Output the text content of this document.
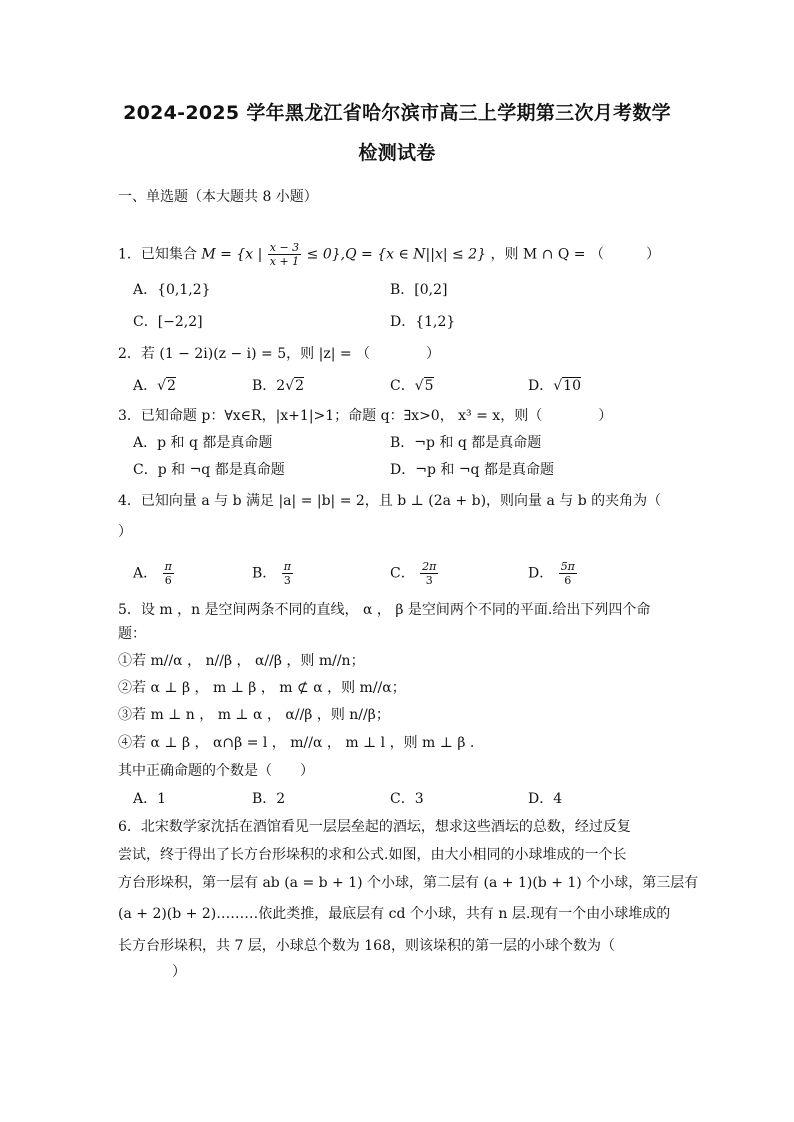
2024-2025 学年黑龙江省哈尔滨市高三上学期第三次月考数学
检测试卷
一、单选题（本大题共 8 小题）
1．已知集合 M = {x | $\frac{x - 3}{x + 1} \le 0\},Q = \{x$ ∈ N||x| ≤ 2} ，则 M ∩ Q = （　　　）
A．{0,1,2}	B．[0,2]
C．[−2,2]	D．{1,2}
2．若 (1 − 2i)(z − i) = 5，则 |z| = （　　　　）
A．√2	B．2√2	C．√5	D．√10
3．已知命题 p：∀x∈R，|x+1|>1；命题 q：∃x>0， x³ = x，则（　　　　）
A．p 和 q 都是真命题	B．¬p 和 q 都是真命题
C．p 和 ¬q 都是真命题	D．¬p 和 ¬q 都是真命题
4．已知向量 a 与 b 满足 |a| = |b| = 2，且 b ⊥ (2a + b)，则向量 a 与 b 的夹角为（
）
A． $\frac{\pi}{6}$	B． $\frac{\pi}{3}$	C． $\frac{2\pi}{3}$	D． $\frac{5\pi}{6}$
5．设 m ，n 是空间两条不同的直线， α ， β 是空间两个不同的平面.给出下列四个命
题：
①若 m//α ， n//β ， α//β ，则 m//n；
②若 α ⊥ β ， m ⊥ β ， m ⊄ α ，则 m//α；
③若 m ⊥ n ， m ⊥ α ， α//β ，则 n//β；
④若 α ⊥ β ， α∩β = l ， m//α ， m ⊥ l ，则 m ⊥ β .
其中正确命题的个数是（　　）
A．1	B．2	C．3	D．4
6．北宋数学家沈括在酒馆看见一层层垒起的酒坛，想求这些酒坛的总数，经过反复
尝试，终于得出了长方台形垛积的求和公式.如图，由大小相同的小球堆成的一个长
方台形垛积，第一层有 ab (a = b + 1) 个小球，第二层有 (a + 1)(b + 1) 个小球，第三层有
(a + 2)(b + 2)………依此类推，最底层有 cd 个小球，共有 n 层.现有一个由小球堆成的
长方台形垛积，共 7 层，小球总个数为 168，则该垛积的第一层的小球个数为（
）
